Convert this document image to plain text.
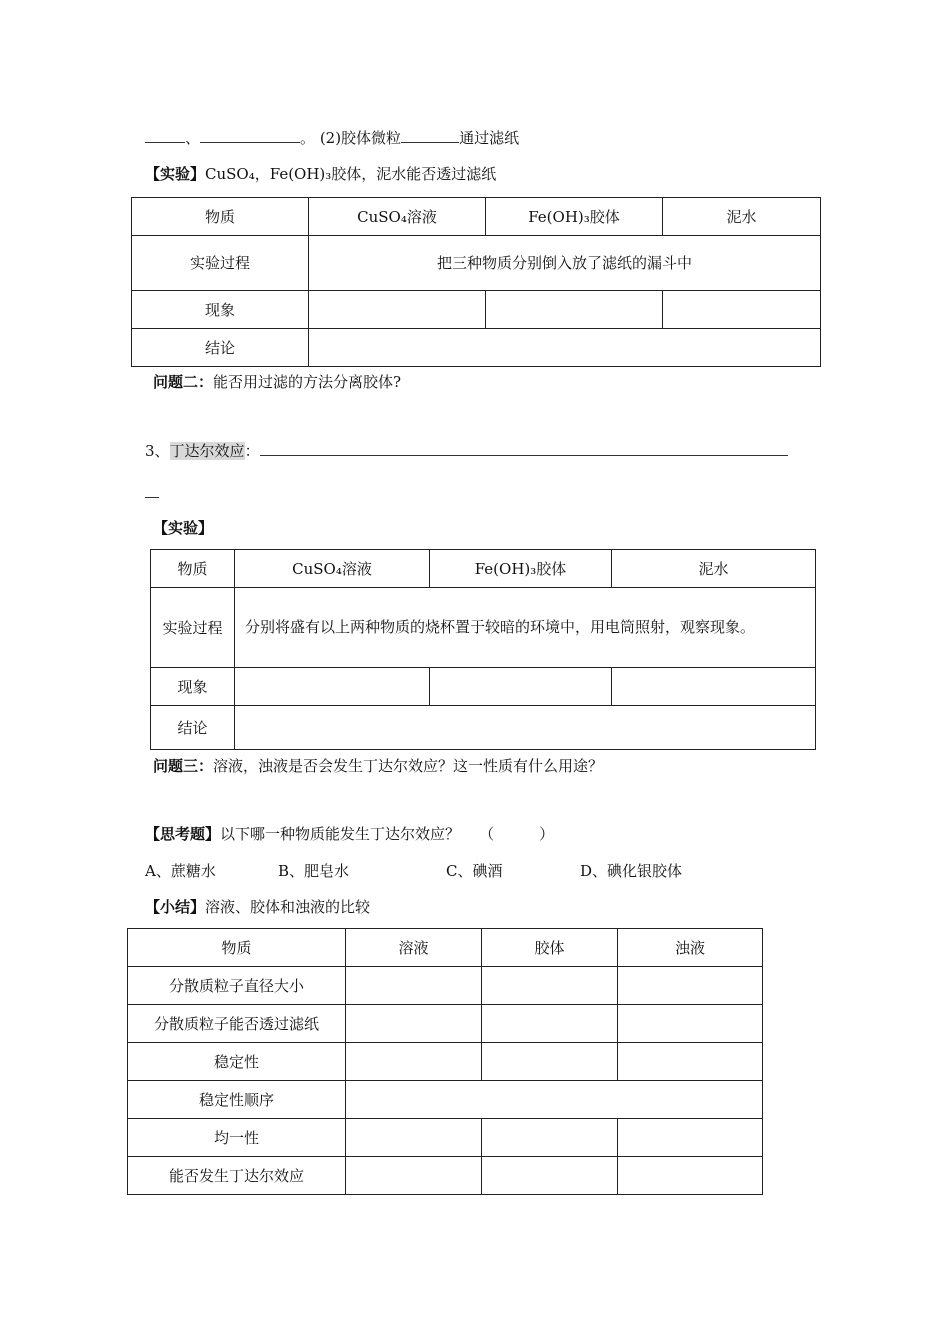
、	。 (2)胶体微粒	通过滤纸
【实验】CuSO₄，Fe(OH)₃胶体，泥水能否透过滤纸
物质	CuSO₄溶液	Fe(OH)₃胶体	泥水
实验过程	把三种物质分别倒入放了滤纸的漏斗中		
现象			
结论			
问题二：能否用过滤的方法分离胶体?
3、丁达尔效应：
【实验】
物质	CuSO₄溶液	Fe(OH)₃胶体	泥水
实验过程	分别将盛有以上两种物质的烧杯置于较暗的环境中，用电筒照射，观察现象。		
现象			
结论			
问题三：溶液，浊液是否会发生丁达尔效应？这一性质有什么用途？
【思考题】以下哪一种物质能发生丁达尔效应？ （　　　）
A、蔗糖水	B、肥皂水	C、碘酒	D、碘化银胶体
【小结】溶液、胶体和浊液的比较
物质	溶液	胶体	浊液
分散质粒子直径大小			
分散质粒子能否透过滤纸			
稳定性			
稳定性顺序			
均一性			
能否发生丁达尔效应			
